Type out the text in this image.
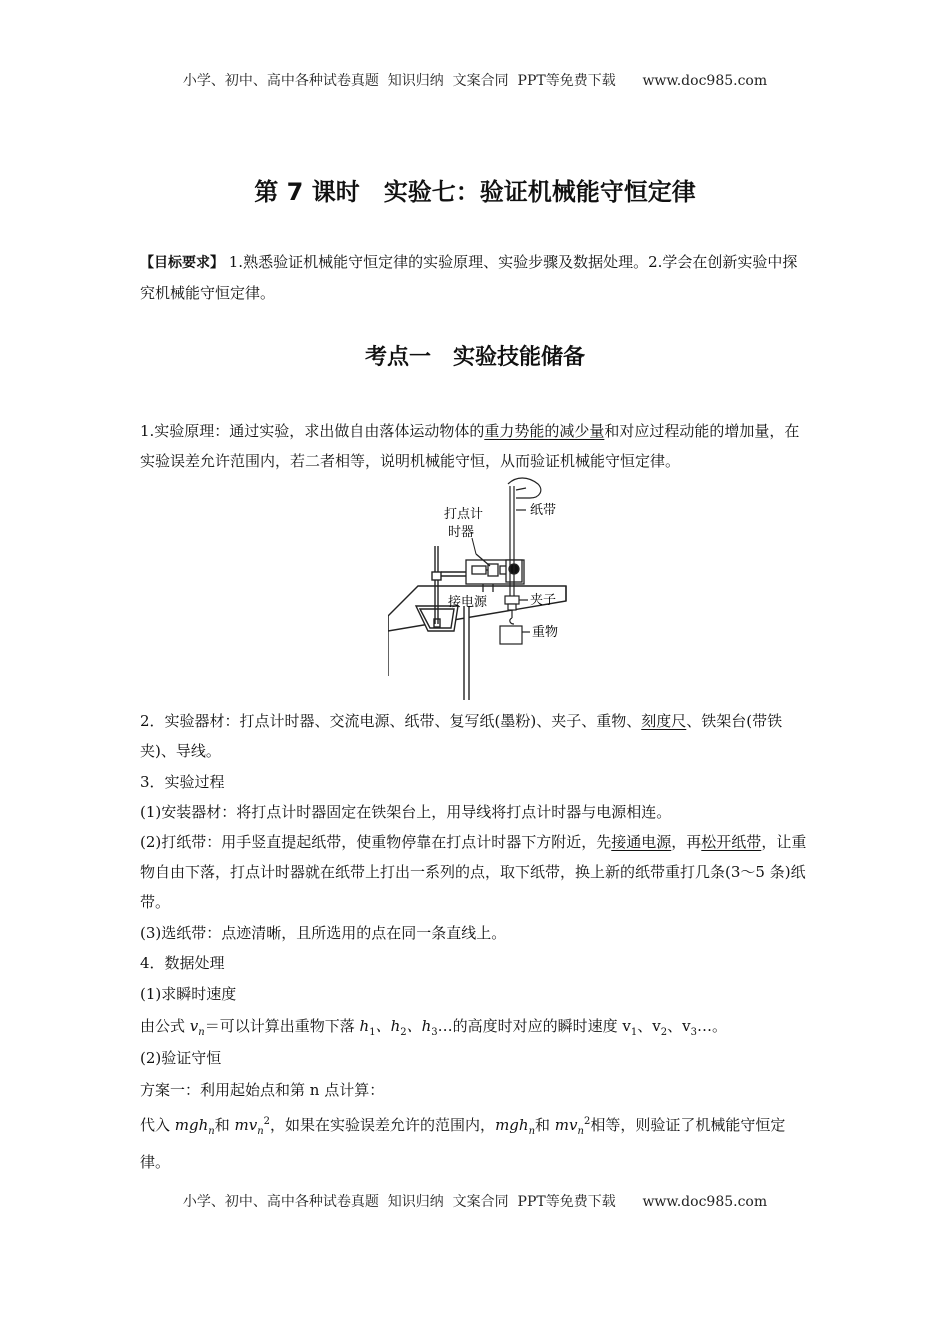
小学、初中、高中各种试卷真题  知识归纳  文案合同  PPT等免费下载      www.doc985.com
第 7 课时　实验七：验证机械能守恒定律
【目标要求】 1.熟悉验证机械能守恒定律的实验原理、实验步骤及数据处理。2.学会在创新实验中探究机械能守恒定律。
考点一　实验技能储备
1.实验原理：通过实验，求出做自由落体运动物体的重力势能的减少量和对应过程动能的增加量，在实验误差允许范围内，若二者相等，说明机械能守恒，从而验证机械能守恒定律。
打点计
时器
纸带
接电源	夹子
重物
2．实验器材：打点计时器、交流电源、纸带、复写纸(墨粉)、夹子、重物、刻度尺、铁架台(带铁夹)、导线。
3．实验过程
(1)安装器材：将打点计时器固定在铁架台上，用导线将打点计时器与电源相连。
(2)打纸带：用手竖直提起纸带，使重物停靠在打点计时器下方附近，先接通电源，再松开纸带，让重物自由下落，打点计时器就在纸带上打出一系列的点，取下纸带，换上新的纸带重打几条(3～5 条)纸带。
(3)选纸带：点迹清晰，且所选用的点在同一条直线上。
4．数据处理
(1)求瞬时速度
由公式 $v_n=$可以计算出重物下落 $h_1$、$h_2$、$h_3\dots$的高度时对应的瞬时速度 $v_1$、$v_2$、$v_3\dots$。
(2)验证守恒
方案一：利用起始点和第 n 点计算：
代入 mgh$_n$和 $mv_n^2$，如果在实验误差允许的范围内，mgh$_n$和 $mv_n^2$相等，则验证了机械能守恒定律。
小学、初中、高中各种试卷真题  知识归纳  文案合同  PPT等免费下载      www.doc985.com
